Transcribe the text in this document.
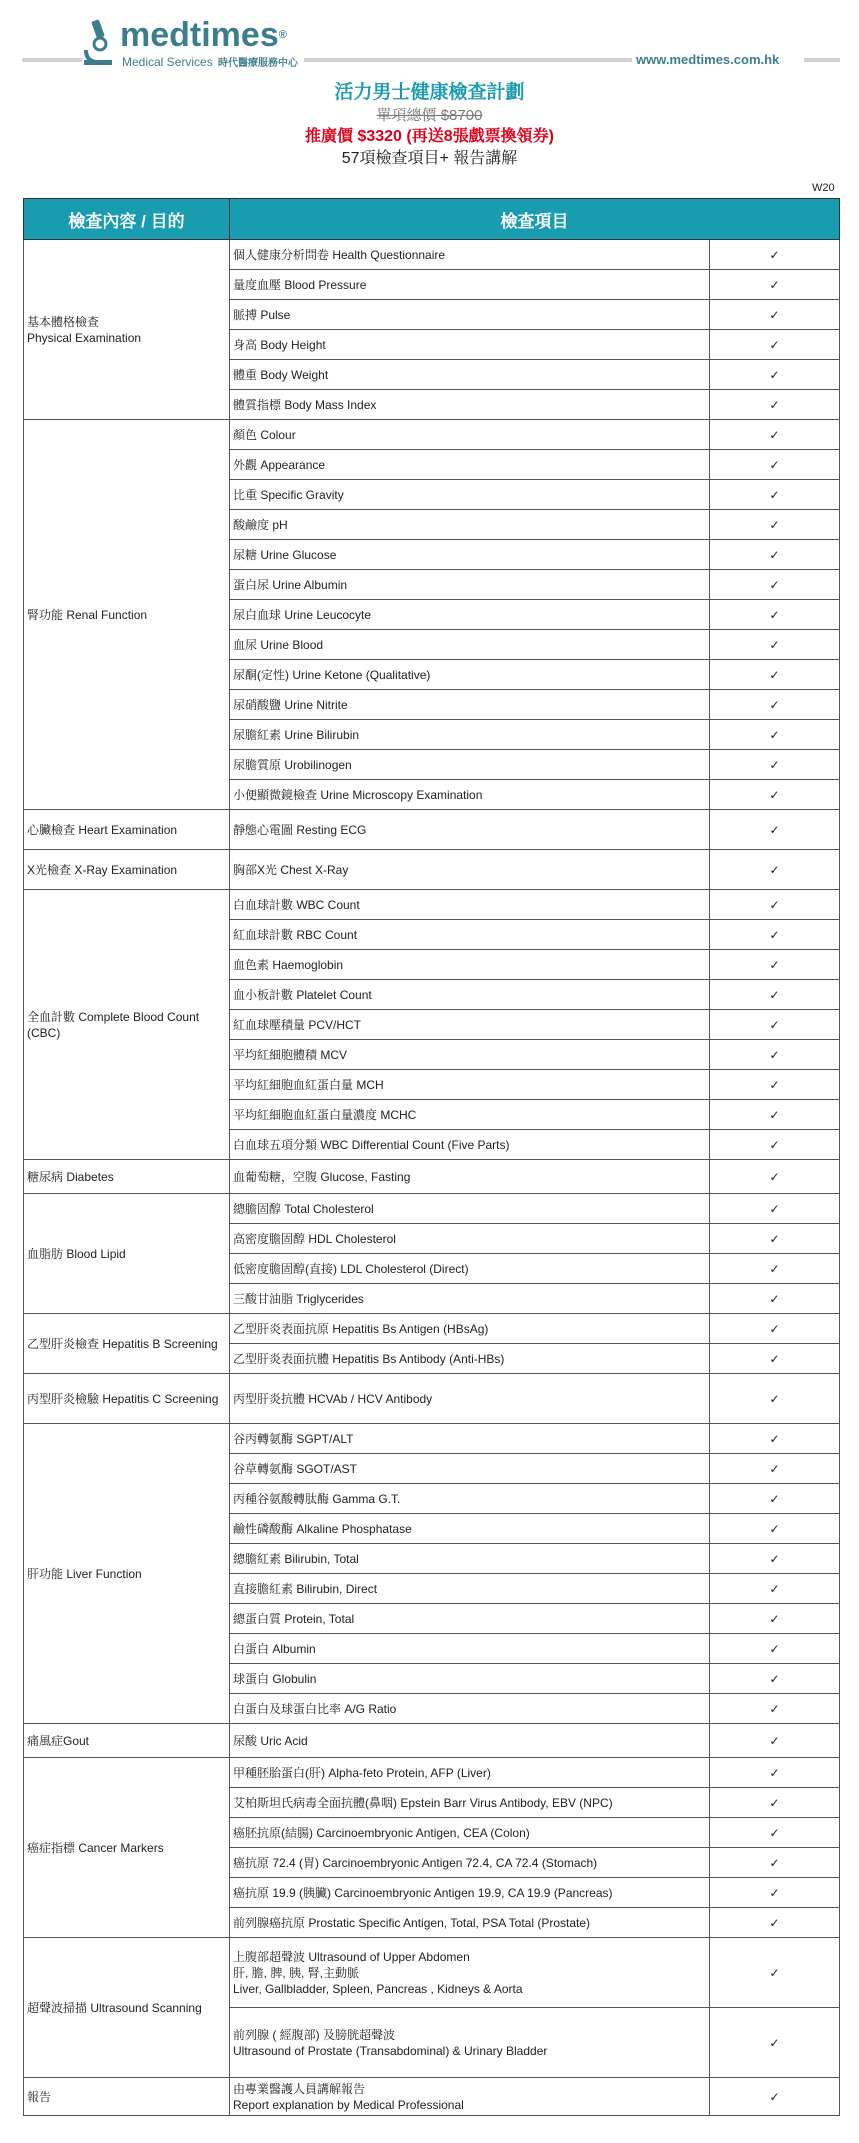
medtimes®
Medical Services 時代醫療服務中心	www.medtimes.com.hk
活力男士健康檢查計劃
單項總價 $8700
推廣價 $3320 (再送8張戲票換領券)
57項檢查項目+ 報告講解
W20
檢查內容 / 目的	檢查項目	
基本體格檢查
Physical Examination	個人健康分析問卷 Health Questionnaire	✓
	量度血壓 Blood Pressure	✓
	脈搏 Pulse	✓
	身高 Body Height	✓
	體重 Body Weight	✓
	體質指標 Body Mass Index	✓
腎功能 Renal Function	顏色 Colour	✓
	外觀 Appearance	✓
	比重 Specific Gravity	✓
	酸鹼度 pH	✓
	尿糖 Urine Glucose	✓
	蛋白尿 Urine Albumin	✓
	尿白血球 Urine Leucocyte	✓
	血尿 Urine Blood	✓
	尿酮(定性) Urine Ketone (Qualitative)	✓
	尿硝酸鹽 Urine Nitrite	✓
	尿膽紅素 Urine Bilirubin	✓
	尿膽質原 Urobilinogen	✓
	小便顯微鏡檢查 Urine Microscopy Examination	✓
心臟檢查 Heart Examination	靜態心電圖 Resting ECG	✓
X光檢查 X-Ray Examination	胸部X光 Chest X-Ray	✓
全血計數 Complete Blood Count (CBC)	白血球計數 WBC Count	✓
	紅血球計數 RBC Count	✓
	血色素 Haemoglobin	✓
	血小板計數 Platelet Count	✓
	紅血球壓積量 PCV/HCT	✓
	平均紅細胞體積 MCV	✓
	平均紅細胞血紅蛋白量 MCH	✓
	平均紅細胞血紅蛋白量濃度 MCHC	✓
	白血球五項分類 WBC Differential Count (Five Parts)	✓
糖尿病 Diabetes	血葡萄糖，空腹 Glucose, Fasting	✓
血脂肪 Blood Lipid	總膽固醇 Total Cholesterol	✓
	高密度膽固醇 HDL Cholesterol	✓
	低密度膽固醇(直接) LDL Cholesterol (Direct)	✓
	三酸甘油脂 Triglycerides	✓
乙型肝炎檢查 Hepatitis B Screening	乙型肝炎表面抗原 Hepatitis Bs Antigen (HBsAg)	✓
	乙型肝炎表面抗體 Hepatitis Bs Antibody (Anti-HBs)	✓
丙型肝炎檢驗 Hepatitis C Screening	丙型肝炎抗體 HCVAb / HCV Antibody	✓
肝功能 Liver Function	谷丙轉氨酶 SGPT/ALT	✓
	谷草轉氨酶 SGOT/AST	✓
	丙種谷氨酸轉肽酶 Gamma G.T.	✓
	鹼性磷酸酶 Alkaline Phosphatase	✓
	總膽紅素 Bilirubin, Total	✓
	直接膽紅素 Bilirubin, Direct	✓
	總蛋白質 Protein, Total	✓
	白蛋白 Albumin	✓
	球蛋白 Globulin	✓
	白蛋白及球蛋白比率 A/G Ratio	✓
痛風症Gout	尿酸 Uric Acid	✓
癌症指標 Cancer Markers	甲種胚胎蛋白(肝) Alpha-feto Protein, AFP (Liver)	✓
	艾柏斯坦氏病毒全面抗體(鼻咽) Epstein Barr Virus Antibody, EBV (NPC)	✓
	癌胚抗原(結腸) Carcinoembryonic Antigen, CEA (Colon)	✓
	癌抗原 72.4 (胃) Carcinoembryonic Antigen 72.4, CA 72.4 (Stomach)	✓
	癌抗原 19.9 (胰臟) Carcinoembryonic Antigen 19.9, CA 19.9 (Pancreas)	✓
	前列腺癌抗原 Prostatic Specific Antigen, Total, PSA Total (Prostate)	✓
超聲波掃描 Ultrasound Scanning	上腹部超聲波 Ultrasound of Upper Abdomen
肝, 膽, 脾, 胰, 腎,主動脈
Liver, Gallbladder, Spleen, Pancreas , Kidneys & Aorta	✓
	前列腺 ( 經腹部) 及膀胱超聲波
Ultrasound of Prostate (Transabdominal) & Urinary Bladder	✓
報告	由專業醫護人員講解報告
Report explanation by Medical Professional	✓
